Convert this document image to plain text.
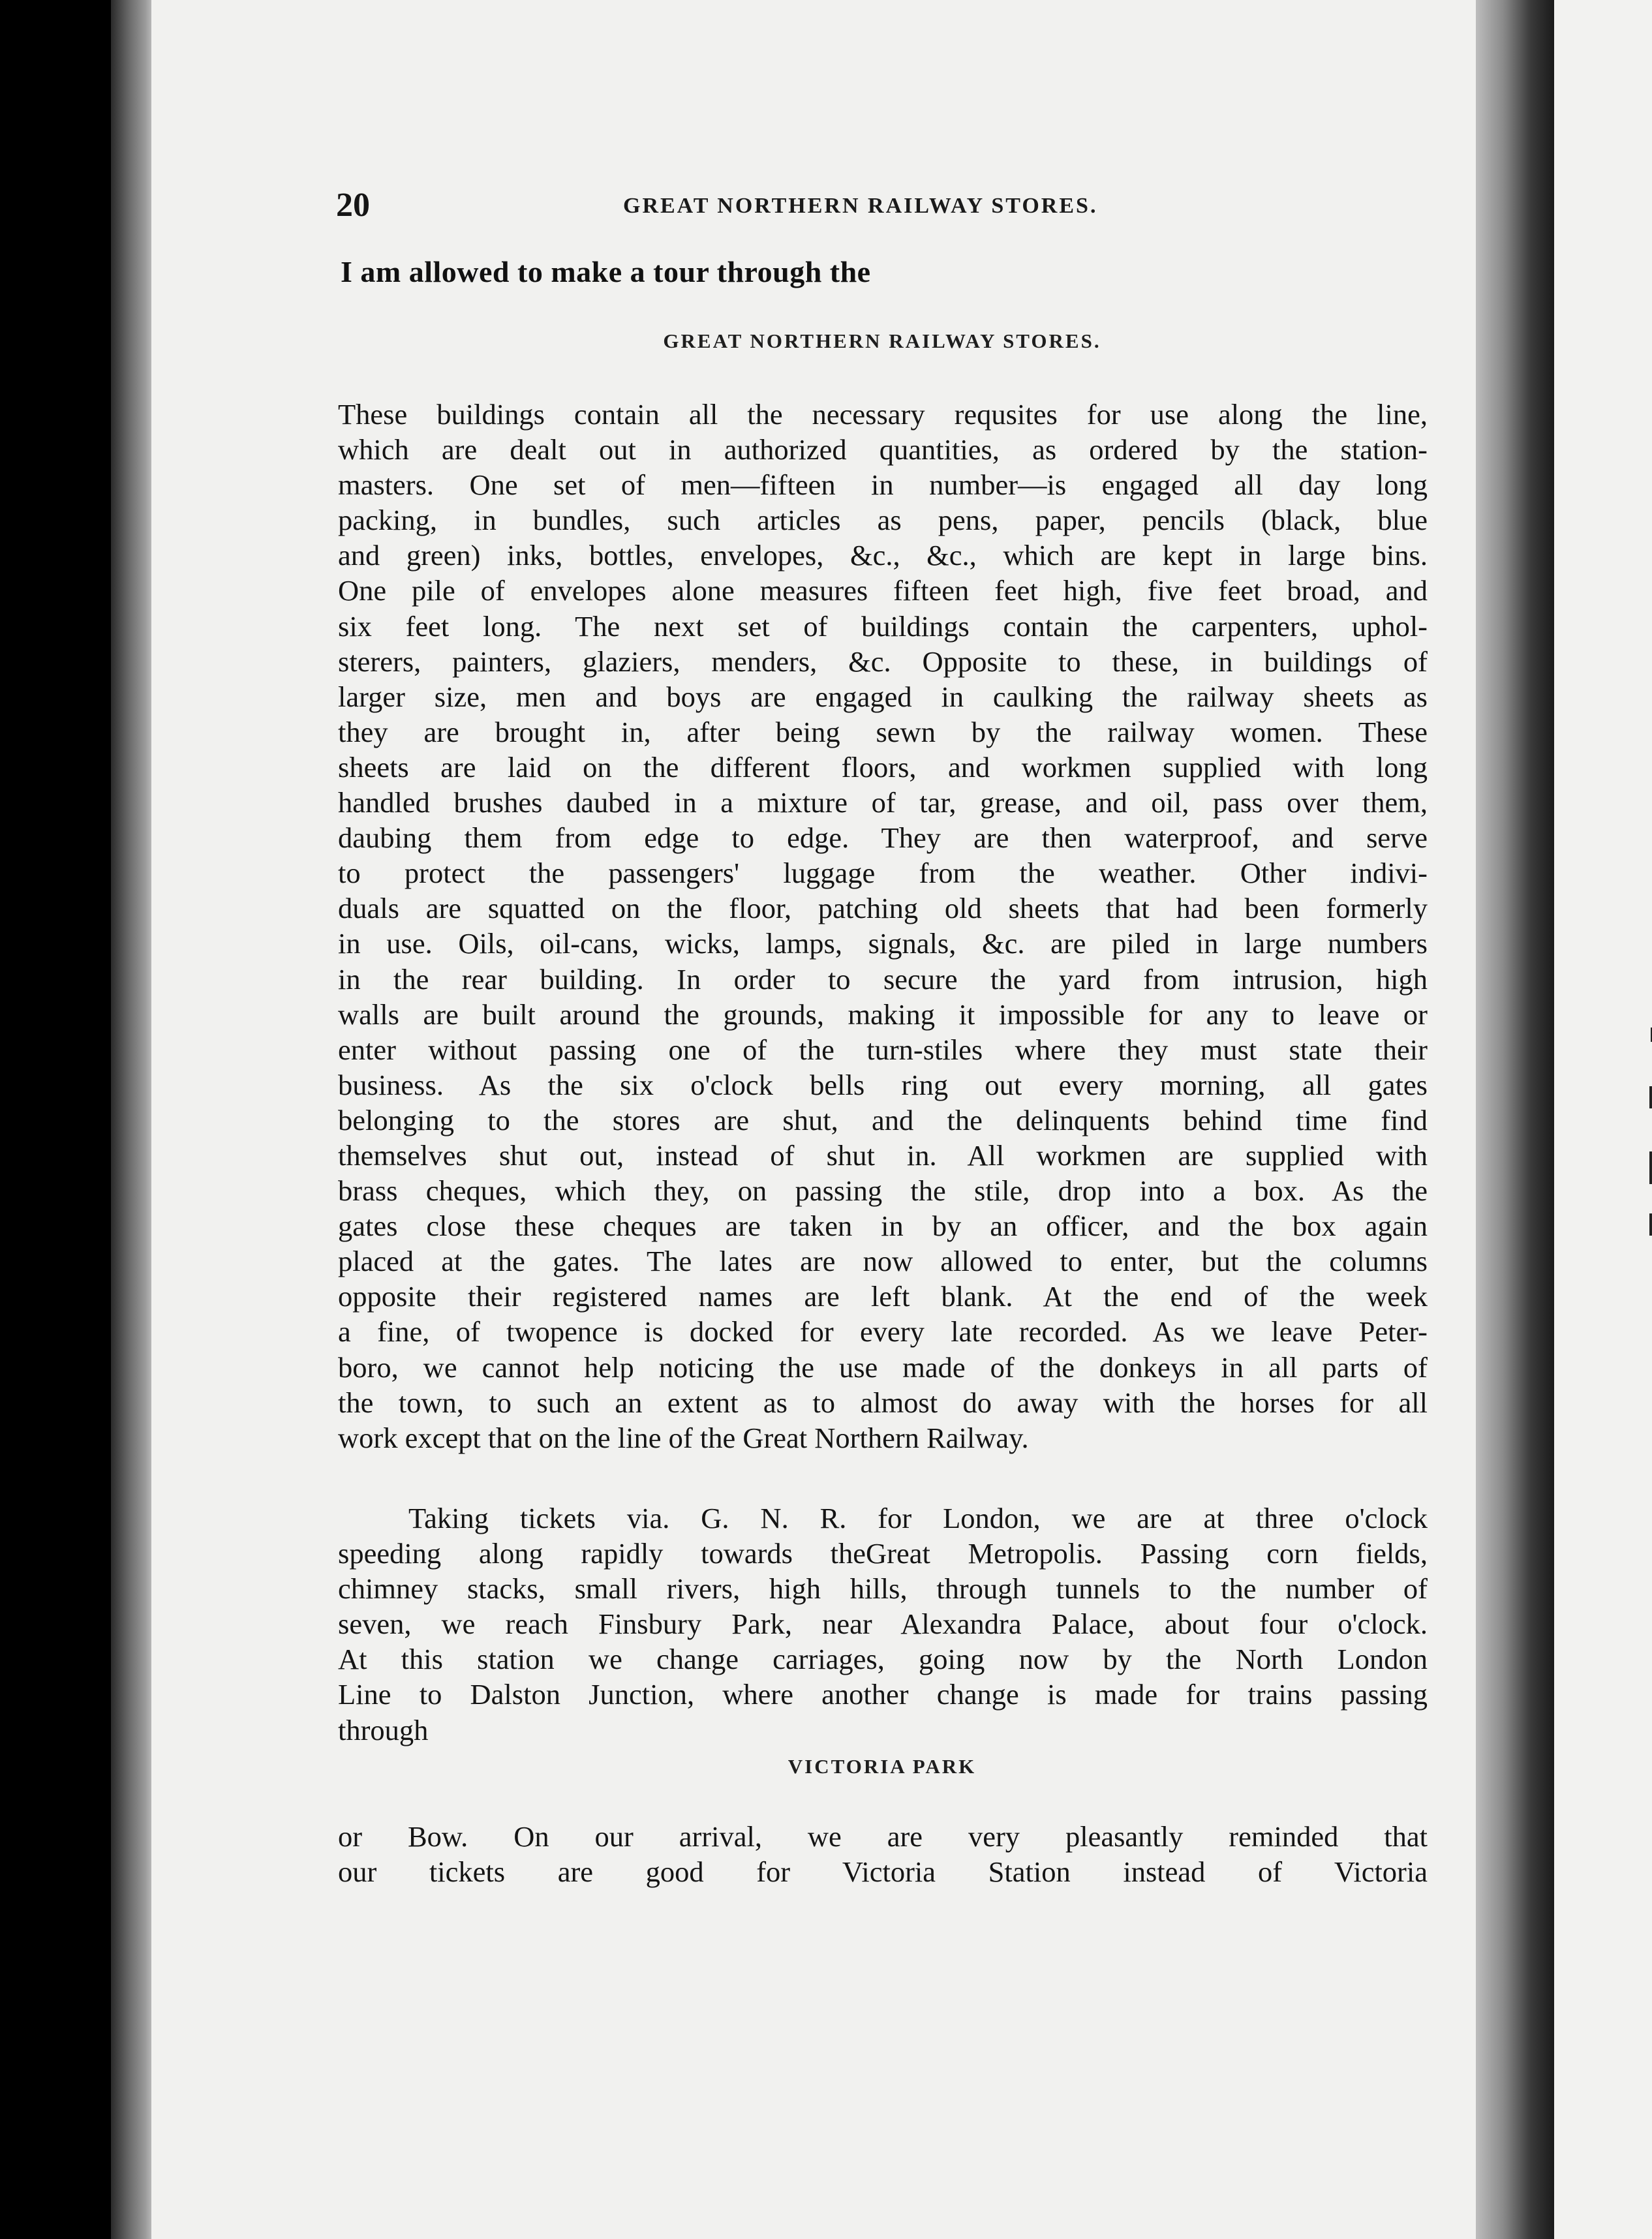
20	GREAT NORTHERN RAILWAY STORES.
I am allowed to make a tour through the
GREAT NORTHERN RAILWAY STORES.
These buildings contain all the necessary requsites for use along the line,
which are dealt out in authorized quantities, as ordered by the station-
masters. One set of men—fifteen in number—is engaged all day long
packing, in bundles, such articles as pens, paper, pencils (black, blue
and green) inks, bottles, envelopes, &c., &c., which are kept in large bins.
One pile of envelopes alone measures fifteen feet high, five feet broad, and
six feet long. The next set of buildings contain the carpenters, uphol-
sterers, painters, glaziers, menders, &c. Opposite to these, in buildings of
larger size, men and boys are engaged in caulking the railway sheets as
they are brought in, after being sewn by the railway women. These
sheets are laid on the different floors, and workmen supplied with long
handled brushes daubed in a mixture of tar, grease, and oil, pass over them,
daubing them from edge to edge. They are then waterproof, and serve
to protect the passengers' luggage from the weather. Other indivi-
duals are squatted on the floor, patching old sheets that had been formerly
in use. Oils, oil-cans, wicks, lamps, signals, &c. are piled in large numbers
in the rear building. In order to secure the yard from intrusion, high
walls are built around the grounds, making it impossible for any to leave or
enter without passing one of the turn-stiles where they must state their
business. As the six o'clock bells ring out every morning, all gates
belonging to the stores are shut, and the delinquents behind time find
themselves shut out, instead of shut in. All workmen are supplied with
brass cheques, which they, on passing the stile, drop into a box. As the
gates close these cheques are taken in by an officer, and the box again
placed at the gates. The lates are now allowed to enter, but the columns
opposite their registered names are left blank. At the end of the week
a fine, of twopence is docked for every late recorded. As we leave Peter-
boro, we cannot help noticing the use made of the donkeys in all parts of
the town, to such an extent as to almost do away with the horses for all
work except that on the line of the Great Northern Railway.
Taking tickets via. G. N. R. for London, we are at three o'clock
speeding along rapidly towards theGreat Metropolis. Passing corn fields,
chimney stacks, small rivers, high hills, through tunnels to the number of
seven, we reach Finsbury Park, near Alexandra Palace, about four o'clock.
At this station we change carriages, going now by the North London
Line to Dalston Junction, where another change is made for trains passing
through
VICTORIA PARK
or Bow. On our arrival, we are very pleasantly reminded that
our tickets are good for Victoria Station instead of Victoria
